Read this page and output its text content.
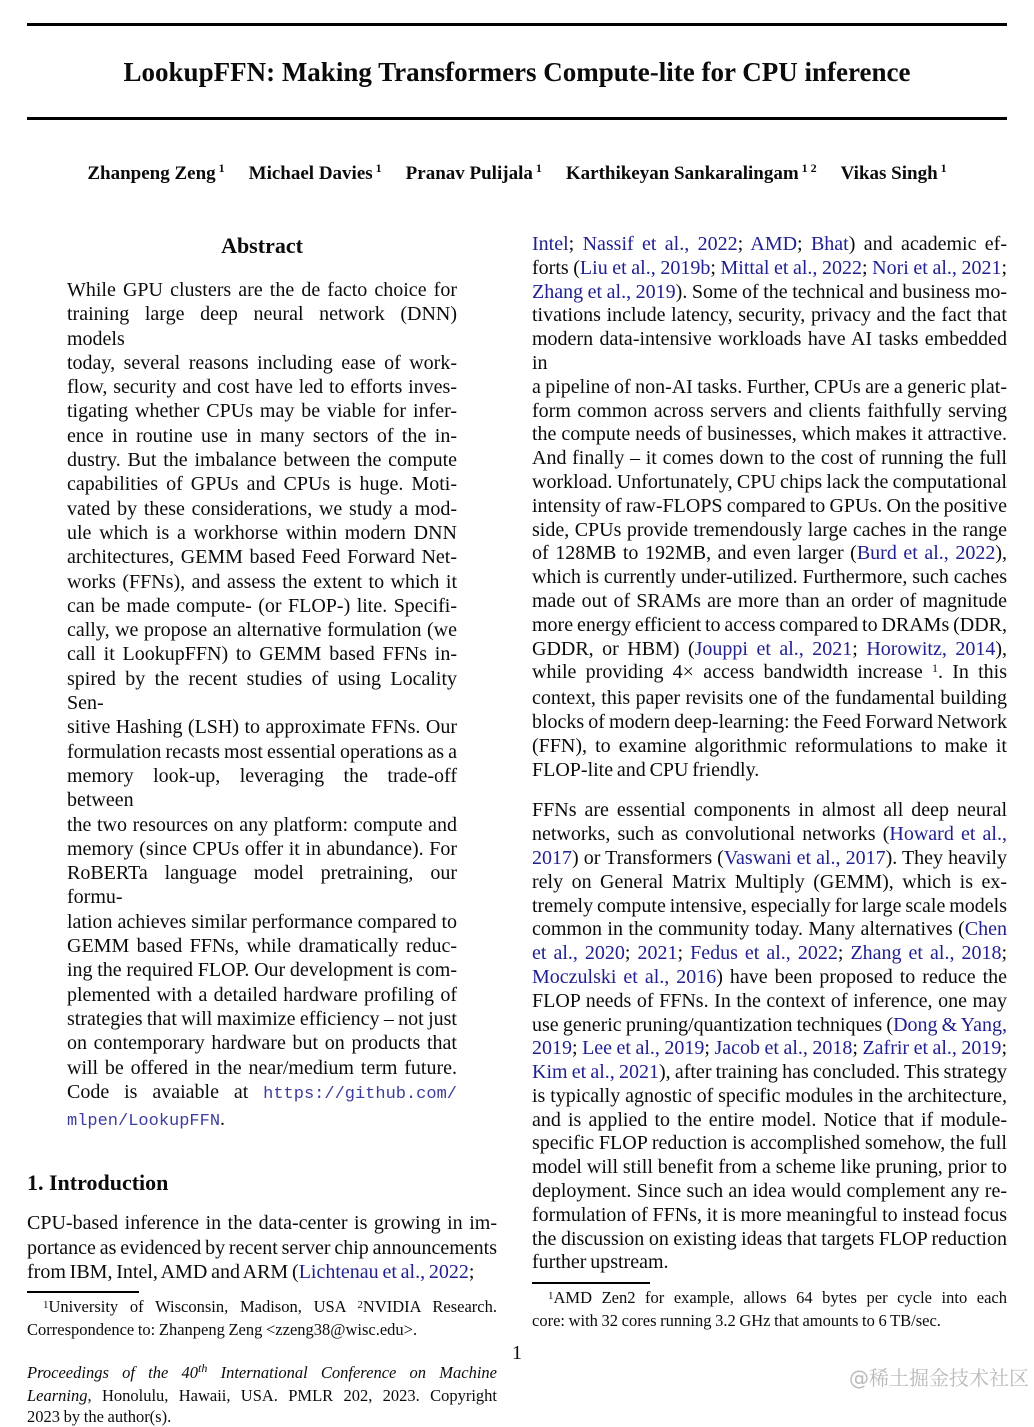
LookupFFN: Making Transformers Compute-lite for CPU inference
Zhanpeng Zeng $^1$ Michael Davies $^1$ Pranav Pulijala $^1$ Karthikeyan Sankaralingam $^{1 2}$ Vikas Singh $^1$
Abstract
While GPU clusters are the de facto choice for
training large deep neural network (DNN) models
today, several reasons including ease of work-
flow, security and cost have led to efforts inves-
tigating whether CPUs may be viable for infer-
ence in routine use in many sectors of the in-
dustry. But the imbalance between the compute
capabilities of GPUs and CPUs is huge. Moti-
vated by these considerations, we study a mod-
ule which is a workhorse within modern DNN
architectures, GEMM based Feed Forward Net-
works (FFNs), and assess the extent to which it
can be made compute- (or FLOP-) lite. Specifi-
cally, we propose an alternative formulation (we
call it LookupFFN) to GEMM based FFNs in-
spired by the recent studies of using Locality Sen-
sitive Hashing (LSH) to approximate FFNs. Our
formulation recasts most essential operations as a
memory look-up, leveraging the trade-off between
the two resources on any platform: compute and
memory (since CPUs offer it in abundance). For
RoBERTa language model pretraining, our formu-
lation achieves similar performance compared to
GEMM based FFNs, while dramatically reduc-
ing the required FLOP. Our development is com-
plemented with a detailed hardware profiling of
strategies that will maximize efficiency – not just
on contemporary hardware but on products that
will be offered in the near/medium term future.
Code is avaiable at https://github.com/
mlpen/LookupFFN.
1. Introduction
CPU-based inference in the data-center is growing in im-
portance as evidenced by recent server chip announcements
from IBM, Intel, AMD and ARM (Lichtenau et al., 2022;
$^1$University of Wisconsin, Madison, USA $^2$NVIDIA Research.
Correspondence to: Zhanpeng Zeng <zzeng38@wisc.edu>.
Proceedings of the 40th International Conference on Machine
Learning, Honolulu, Hawaii, USA. PMLR 202, 2023. Copyright
2023 by the author(s).
Intel; Nassif et al., 2022; AMD; Bhat) and academic ef-
forts (Liu et al., 2019b; Mittal et al., 2022; Nori et al., 2021;
Zhang et al., 2019). Some of the technical and business mo-
tivations include latency, security, privacy and the fact that
modern data-intensive workloads have AI tasks embedded in
a pipeline of non-AI tasks. Further, CPUs are a generic plat-
form common across servers and clients faithfully serving
the compute needs of businesses, which makes it attractive.
And finally – it comes down to the cost of running the full
workload. Unfortunately, CPU chips lack the computational
intensity of raw-FLOPS compared to GPUs. On the positive
side, CPUs provide tremendously large caches in the range
of 128MB to 192MB, and even larger (Burd et al., 2022),
which is currently under-utilized. Furthermore, such caches
made out of SRAMs are more than an order of magnitude
more energy efficient to access compared to DRAMs (DDR,
GDDR, or HBM) (Jouppi et al., 2021; Horowitz, 2014),
while providing 4× access bandwidth increase $^1$. In this
context, this paper revisits one of the fundamental building
blocks of modern deep-learning: the Feed Forward Network
(FFN), to examine algorithmic reformulations to make it
FLOP-lite and CPU friendly.
FFNs are essential components in almost all deep neural
networks, such as convolutional networks (Howard et al.,
2017) or Transformers (Vaswani et al., 2017). They heavily
rely on General Matrix Multiply (GEMM), which is ex-
tremely compute intensive, especially for large scale models
common in the community today. Many alternatives (Chen
et al., 2020; 2021; Fedus et al., 2022; Zhang et al., 2018;
Moczulski et al., 2016) have been proposed to reduce the
FLOP needs of FFNs. In the context of inference, one may
use generic pruning/quantization techniques (Dong & Yang,
2019; Lee et al., 2019; Jacob et al., 2018; Zafrir et al., 2019;
Kim et al., 2021), after training has concluded. This strategy
is typically agnostic of specific modules in the architecture,
and is applied to the entire model. Notice that if module-
specific FLOP reduction is accomplished somehow, the full
model will still benefit from a scheme like pruning, prior to
deployment. Since such an idea would complement any re-
formulation of FFNs, it is more meaningful to instead focus
the discussion on existing ideas that targets FLOP reduction
further upstream.
$^1$AMD Zen2 for example, allows 64 bytes per cycle into each
core: with 32 cores running 3.2 GHz that amounts to 6 TB/sec.
1
@稀土掘金技术社区
